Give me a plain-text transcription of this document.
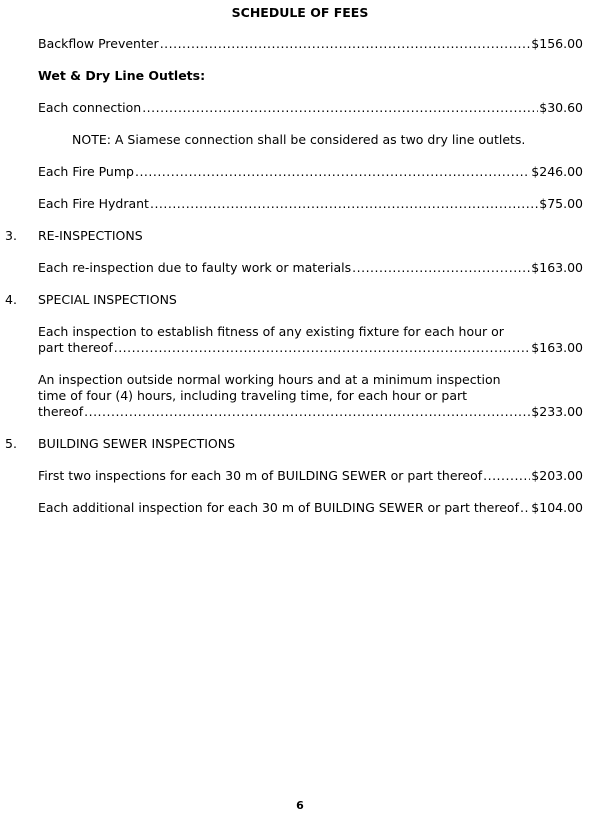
SCHEDULE OF FEES
Backflow Preventer .....	$156.00
Wet & Dry Line Outlets:
Each connection .....	$30.60
NOTE: A Siamese connection shall be considered as two dry line outlets.
Each Fire Pump .....	$246.00
Each Fire Hydrant .....	$75.00
3.	RE-INSPECTIONS
Each re-inspection due to faulty work or materials .....	$163.00
4.	SPECIAL INSPECTIONS
Each inspection to establish fitness of any existing fixture for each hour or
part thereof .....	$163.00
An inspection outside normal working hours and at a minimum inspection
time of four (4) hours, including traveling time, for each hour or part
thereof .....	$233.00
5.	BUILDING SEWER INSPECTIONS
First two inspections for each 30 m of BUILDING SEWER or part thereof .....	$203.00
Each additional inspection for each 30 m of BUILDING SEWER or part thereof ..... $104.00
6
